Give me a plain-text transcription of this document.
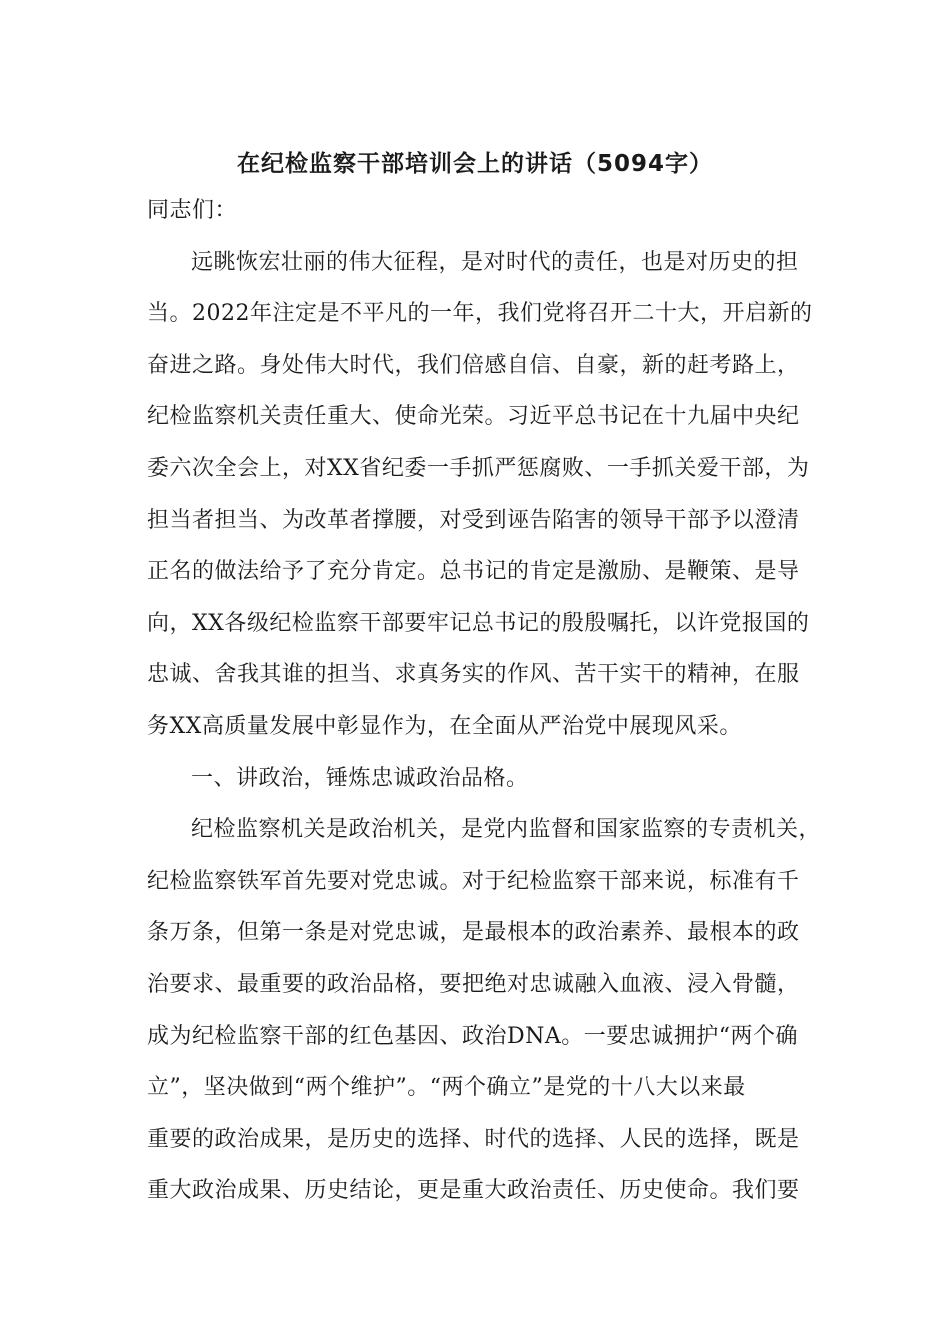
在纪检监察干部培训会上的讲话（5094字）
同志们：
远眺恢宏壮丽的伟大征程，是对时代的责任，也是对历史的担
当。2022年注定是不平凡的一年，我们党将召开二十大，开启新的
奋进之路。身处伟大时代，我们倍感自信、自豪，新的赶考路上，
纪检监察机关责任重大、使命光荣。习近平总书记在十九届中央纪
委六次全会上，对XX省纪委一手抓严惩腐败、一手抓关爱干部，为
担当者担当、为改革者撑腰，对受到诬告陷害的领导干部予以澄清
正名的做法给予了充分肯定。总书记的肯定是激励、是鞭策、是导
向，XX各级纪检监察干部要牢记总书记的殷殷嘱托，以许党报国的
忠诚、舍我其谁的担当、求真务实的作风、苦干实干的精神，在服
务XX高质量发展中彰显作为，在全面从严治党中展现风采。
一、讲政治，锤炼忠诚政治品格。
纪检监察机关是政治机关，是党内监督和国家监察的专责机关，
纪检监察铁军首先要对党忠诚。对于纪检监察干部来说，标准有千
条万条，但第一条是对党忠诚，是最根本的政治素养、最根本的政
治要求、最重要的政治品格，要把绝对忠诚融入血液、浸入骨髓，
成为纪检监察干部的红色基因、政治DNA。一要忠诚拥护“两个确
立”，坚决做到“两个维护”。“两个确立”是党的十八大以来最
重要的政治成果，是历史的选择、时代的选择、人民的选择，既是
重大政治成果、历史结论，更是重大政治责任、历史使命。我们要
